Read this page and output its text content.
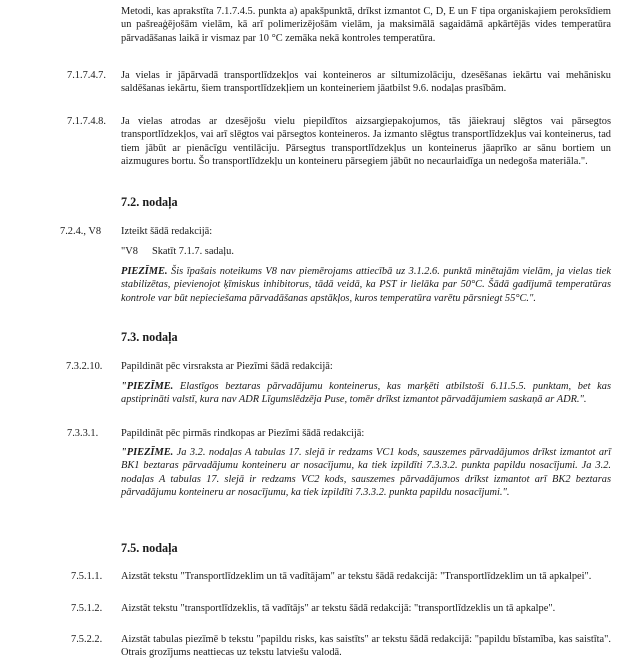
Metodi, kas aprakstīta 7.1.7.4.5. punkta a) apakšpunktā, drīkst izmantot C, D, E un F tipa organiskajiem peroksīdiem un pašreaģējošām vielām, kā arī polimerizējošām vielām, ja maksimālā sagaidāmā apkārtējās vides temperatūra pārvadāšanas laikā ir vismaz par 10 °C zemāka nekā kontroles temperatūra.
7.1.7.4.7. Ja vielas ir jāpārvadā transportlīdzekļos vai konteineros ar siltumizolāciju, dzesēšanas iekārtu vai mehānisku saldēšanas iekārtu, šiem transportlīdzekļiem un konteineriem jāatbilst 9.6. nodaļas prasībām.
7.1.7.4.8. Ja vielas atrodas ar dzesējošu vielu piepildītos aizsargiepakojumos, tās jāiekrauj slēgtos vai pārsegtos transportlīdzekļos, vai arī slēgtos vai pārsegtos konteineros. Ja izmanto slēgtus transportlīdzekļus vai konteinerus, tad tiem jābūt ar pienācīgu ventilāciju. Pārsegtus transportlīdzekļus un konteinerus jāaprīko ar sānu bortiem un aizmugures bortu. Šo transportlīdzekļu un konteineru pārsegiem jābūt no necaurlaidīga un nedegoša materiāla.".
7.2. nodaļa
7.2.4., V8 Izteikt šādā redakcijā:
"V8 Skatīt 7.1.7. sadaļu.
PIEZĪME. Šis īpašais noteikums V8 nav piemērojams attiecībā uz 3.1.2.6. punktā minētajām vielām, ja vielas tiek stabilizētas, pievienojot ķīmiskus inhibitorus, tādā veidā, ka PST ir lielāka par 50°C. Šādā gadījumā temperatūras kontrole var būt nepieciešama pārvadāšanas apstākļos, kuros temperatūra varētu pārsniegt 55°C.".
7.3. nodaļa
7.3.2.10. Papildināt pēc virsraksta ar Piezīmi šādā redakcijā:
"PIEZĪME. Elastīgos beztaras pārvadājumu konteinerus, kas marķēti atbilstoši 6.11.5.5. punktam, bet kas apstiprināti valstī, kura nav ADR Līgumslēdzēja Puse, tomēr drīkst izmantot pārvadājumiem saskaņā ar ADR.".
7.3.3.1. Papildināt pēc pirmās rindkopas ar Piezīmi šādā redakcijā:
"PIEZĪME. Ja 3.2. nodaļas A tabulas 17. slejā ir redzams VC1 kods, sauszemes pārvadājumos drīkst izmantot arī BK1 beztaras pārvadājumu konteineru ar nosacījumu, ka tiek izpildīti 7.3.3.2. punkta papildu nosacījumi. Ja 3.2. nodaļas A tabulas 17. slejā ir redzams VC2 kods, sauszemes pārvadājumos drīkst izmantot arī BK2 beztaras pārvadājumu konteineru ar nosacījumu, ka tiek izpildīti 7.3.3.2. punkta papildu nosacījumi.".
7.5. nodaļa
7.5.1.1. Aizstāt tekstu "Transportlīdzeklim un tā vadītājam" ar tekstu šādā redakcijā: "Transportlīdzeklim un tā apkalpei".
7.5.1.2. Aizstāt tekstu "transportlīdzeklis, tā vadītājs" ar tekstu šādā redakcijā: "transportlīdzeklis un tā apkalpe".
7.5.2.2. Aizstāt tabulas piezīmē b tekstu "papildu risks, kas saistīts" ar tekstu šādā redakcijā: "papildu bīstamība, kas saistīta". Otrais grozījums neattiecas uz tekstu latviešu valodā.
